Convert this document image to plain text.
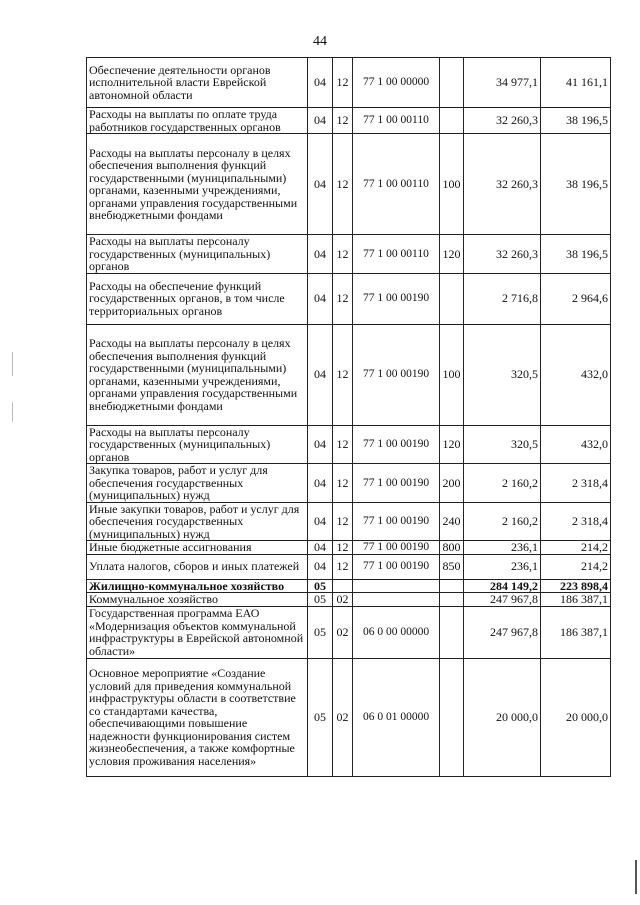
44
Обеспечение деятельности органов исполнительной власти Еврейской автономной области	04	12	77 1 00 00000		34 977,1	41 161,1
Расходы на выплаты по оплате труда работников государственных органов	04	12	77 1 00 00110		32 260,3	38 196,5
Расходы на выплаты персоналу в целях обеспечения выполнения функций государственными (муниципальными) органами, казенными учреждениями, органами управления государственными внебюджетными фондами	04	12	77 1 00 00110	100	32 260,3	38 196,5
Расходы на выплаты персоналу государственных (муниципальных) органов	04	12	77 1 00 00110	120	32 260,3	38 196,5
Расходы на обеспечение функций государственных органов, в том числе территориальных органов	04	12	77 1 00 00190		2 716,8	2 964,6
Расходы на выплаты персоналу в целях обеспечения выполнения функций государственными (муниципальными) органами, казенными учреждениями, органами управления государственными внебюджетными фондами	04	12	77 1 00 00190	100	320,5	432,0
Расходы на выплаты персоналу государственных (муниципальных) органов	04	12	77 1 00 00190	120	320,5	432,0
Закупка товаров, работ и услуг для обеспечения государственных (муниципальных) нужд	04	12	77 1 00 00190	200	2 160,2	2 318,4
Иные закупки товаров, работ и услуг для обеспечения государственных (муниципальных) нужд	04	12	77 1 00 00190	240	2 160,2	2 318,4
Иные бюджетные ассигнования	04	12	77 1 00 00190	800	236,1	214,2
Уплата налогов, сборов и иных платежей	04	12	77 1 00 00190	850	236,1	214,2
Жилищно-коммунальное хозяйство	05				284 149,2	223 898,4
Коммунальное хозяйство	05	02			247 967,8	186 387,1
Государственная программа ЕАО «Модернизация объектов коммунальной инфраструктуры в Еврейской автономной области»	05	02	06 0 00 00000		247 967,8	186 387,1
Основное мероприятие «Создание условий для приведения коммунальной инфраструктуры области в соответствие со стандартами качества, обеспечивающими повышение надежности функционирования систем жизнеобеспечения, а также комфортные условия проживания населения»	05	02	06 0 01 00000		20 000,0	20 000,0
